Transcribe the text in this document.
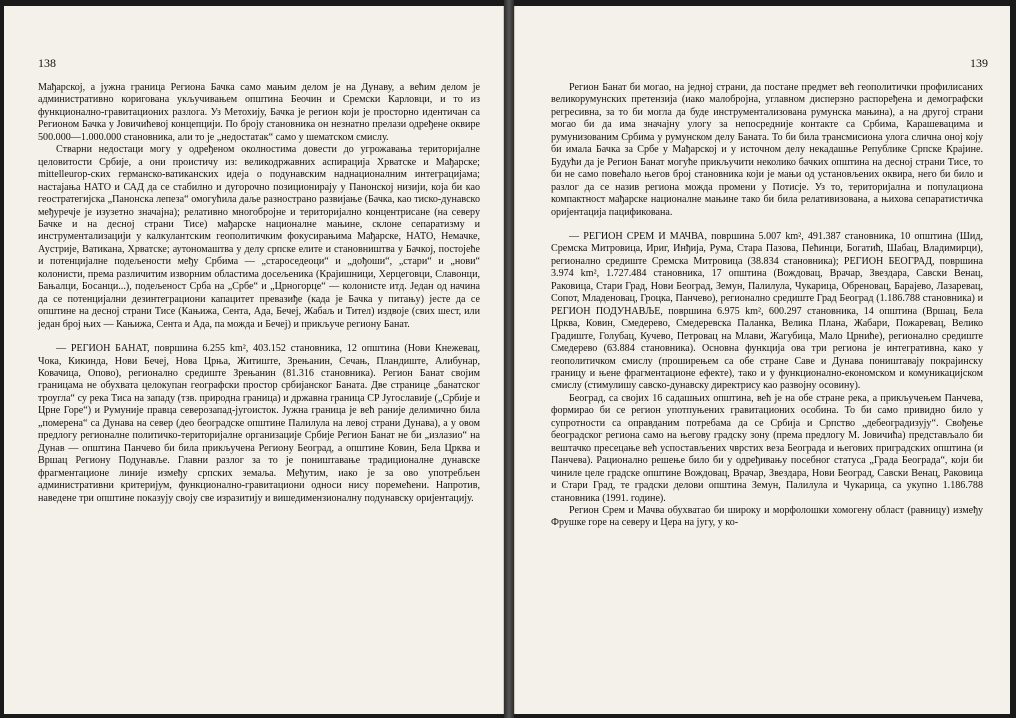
138

Мађарској, а јужна граница Региона Бачка само мањим делом је на Дунаву, а већим делом је административно коригована укључивањем општина Беочин и Сремски Карловци, и то из функционално-гравитационих разлога. Уз Метохију, Бачка је регион који је просторно идентичан са Регионом Бачка у Јовичићевој концепцији. По броју становника он незнатно прелази одређене оквире 500.000—1.000.000 становника, али то је „недостатак“ само у шематском смислу.

Стварни недостаци могу у одређеном околностима довести до угрожавања територијалне целовитости Србије, а они проистичу из: великодржавних аспирација Хрватске и Мађарске; mittelleurop-ских германско-ватиканских идеја о подунавским наднационалним интеграцијама; настајања НАТО и САД да се стабилно и дугорочно позиционирају у Панонској низији, која би као геостратегијска „Панонска лепеза“ омогућила даље разнострано развијање (Бачка, као тиско-дунавско међуречје је изузетно значајна); релативно многобројне и територијално концентрисане (на северу Бачке и на десној страни Тисе) мађарске националне мањине, склоне сепаратизму и инструментализацији у калкулантским геополитичким фокусирањима Мађарске, НАТО, Немачке, Аустрије, Ватикана, Хрватске; аутономаштва у делу српске елите и становништва у Бачкој, постојеће и потенцијалне подељености међу Србима — „староседеоци“ и „дођоши“, „стари“ и „нови“ колонисти, према различитим изворним областима досељеника (Крајишници, Херцеговци, Славонци, Бањалци, Босанци...), подељеност Срба на „Србе“ и „Црногорце“ — колонисте итд. Један од начина да се потенцијални дезинтеграциони капацитет превазиђе (када је Бачка у питању) јесте да се општине на десној страни Тисе (Кањижа, Сента, Ада, Бечеј, Жабаљ и Тител) издвоје (свих шест, или један број њих — Кањижа, Сента и Ада, па можда и Бечеј) и прикључе региону Банат.

— РЕГИОН БАНАТ, површина 6.255 km², 403.152 становника, 12 општина (Нови Кнежевац, Чока, Кикинда, Нови Бечеј, Нова Црња, Житиште, Зрењанин, Сечањ, Пландиште, Алибунар, Ковачица, Опово), регионално средиште Зрењанин (81.316 становника). Регион Банат својим границама не обухвата целокупан географски простор србијанског Баната. Две странице „банатског троугла“ су река Тиса на западу (тзв. природна граница) и државна граница СР Југославије („Србије и Црне Горе“) и Румуније правца северозапад-југоисток. Јужна граница је већ раније делимично била „померена“ са Дунава на север (део београдске општине Палилула на левој страни Дунава), а у овом предлогу регионалне политичко-територијалне организације Србије Регион Банат не би „излазио“ на Дунав — општина Панчево би била прикључена Региону Београд, а општине Ковин, Бела Црква и Вршац Региону Подунавље. Главни разлог за то је поништавање традиционалне дунавске фрагментационе линије између српских земаља. Међутим, иако је за ово употребљен административни критеријум, функционално-гравитациони односи нису поремећени. Напротив, наведене три општине показују своју све изразитију и вишедимензионалну подунавску оријентацију.

139

Регион Банат би могао, на једној страни, да постане предмет већ геополитички профилисаних великорумунских претензија (иако малобројна, углавном дисперзно распоређена и демографски регресивна, за то би могла да буде инструментализована румунска мањина), а на другој страни могао би да има значајну улогу за непосредније контакте са Србима, Карашевацима и румунизованим Србима у румунском делу Баната. То би била трансмисиона улога слична оној коју би имала Бачка за Србе у Мађарској и у источном делу некадашње Републике Српске Крајине. Будући да је Регион Банат могуће прикључити неколико бачких општина на десној страни Тисе, то би не само повећало његов број становника који је мањи од установљених оквира, него би било и разлог да се назив региона можда промени у Потисје. Уз то, територијална и популациона компактност мађарске националне мањине тако би била релативизована, а њихова сепаратистичка оријентација пацификована.

— РЕГИОН СРЕМ И МАЧВА, површина 5.007 km², 491.387 становника, 10 општина (Шид, Сремска Митровица, Ириг, Инђија, Рума, Стара Пазова, Пећинци, Богатић, Шабац, Владимирци), регионално средиште Сремска Митровица (38.834 становника); РЕГИОН БЕОГРАД, површина 3.974 km², 1.727.484 становника, 17 општина (Вождовац, Врачар, Звездара, Савски Венац, Раковица, Стари Град, Нови Београд, Земун, Палилула, Чукарица, Обреновац, Барајево, Лазаревац, Сопот, Младеновац, Гроцка, Панчево), регионално средиште Град Београд (1.186.788 становника) и РЕГИОН ПОДУНАВЉЕ, површина 6.975 km², 600.297 становника, 14 општина (Вршац, Бела Црква, Ковин, Смедерево, Смедеревска Паланка, Велика Плана, Жабари, Пожаревац, Велико Градиште, Голубац, Кучево, Петровац на Млави, Жагубица, Мало Црниће), регионално средиште Смедерево (63.884 становника). Основна функција ова три региона је интегративна, како у геополитичком смислу (проширењем са обе стране Саве и Дунава поништавају покрајинску границу и њене фрагментационе ефекте), тако и у функционално-економском и комуникацијском смислу (стимулишу савско-дунавску директрису као развојну осовину).

Београд, са својих 16 садашњих општина, већ је на обе стране река, а прикључењем Панчева, формирао би се регион употпуњених гравитационих особина. То би само привидно било у супротности са оправданим потребама да се Србија и Српство „дебеоградизују“. Свођење београдског региона само на његову градску зону (према предлогу М. Јовичића) представљало би вештачко пресецање већ успостављених чврстих веза Београда и његових приградских општина (и Панчева). Рационално решење било би у одређивању посебног статуса „Града Београда“, који би чиниле целе градске општине Вождовац, Врачар, Звездара, Нови Београд, Савски Венац, Раковица и Стари Град, те градски делови општина Земун, Палилула и Чукарица, са укупно 1.186.788 становника (1991. године).

Регион Срем и Мачва обухватао би широку и морфолошки хомогену област (равницу) између Фрушке горе на северу и Цера на југу, у ко-
